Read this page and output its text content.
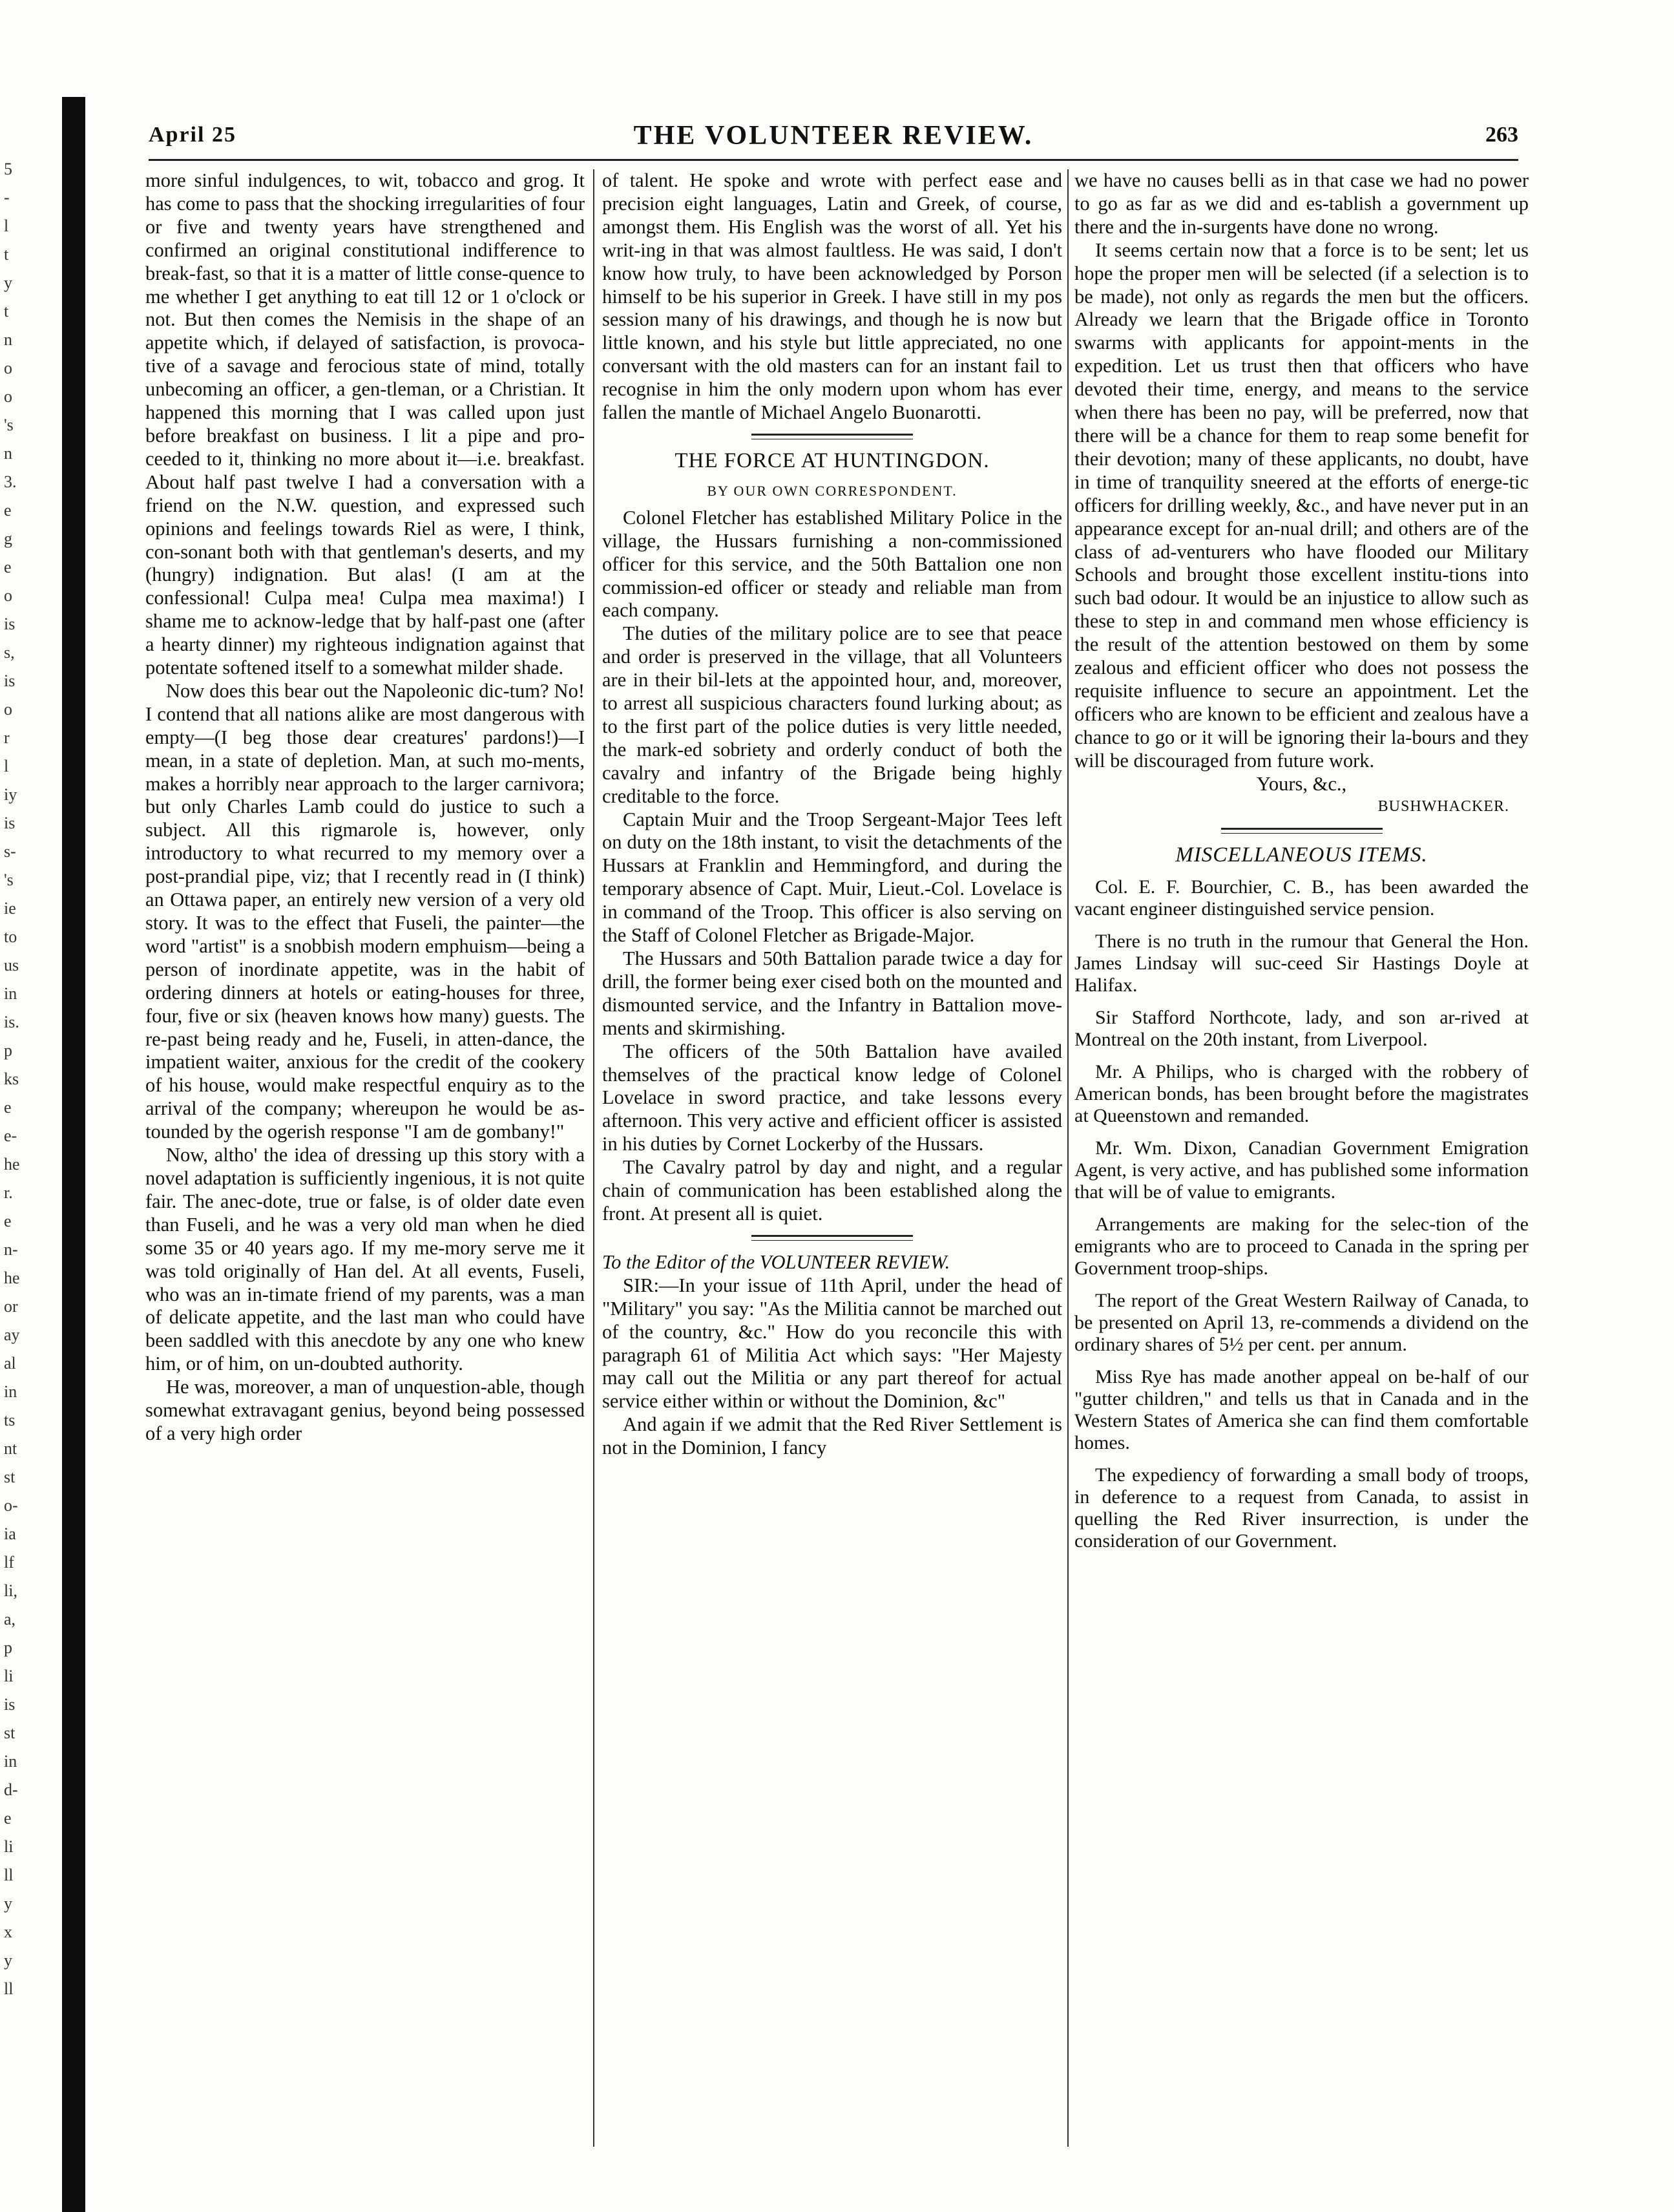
5
-
l
t
y
t
n
o
o
's
n
3.
e
g
e
o
is
s,
is
o
r
l
iy
is
s-
's
ie
to
us
in
is.
p
ks
e
e-
he
r.
e
n-
he
or
ay
al
in
ts
nt
st
o-
ia
lf
li,
a,
p
li
is
st
in
d-
e
li
ll
y
x
y
ll
April 25	THE VOLUNTEER REVIEW.	263

more sinful indulgences, to wit, tobacco and grog. It has come to pass that the shocking irregularities of four or five and twenty years have strengthened and confirmed an original constitutional indifference to break-fast, so that it is a matter of little conse-quence to me whether I get anything to eat till 12 or 1 o'clock or not. But then comes the Nemisis in the shape of an appetite which, if delayed of satisfaction, is provoca-tive of a savage and ferocious state of mind, totally unbecoming an officer, a gen-tleman, or a Christian. It happened this morning that I was called upon just before breakfast on business. I lit a pipe and pro-ceeded to it, thinking no more about it—i.e. breakfast. About half past twelve I had a conversation with a friend on the N.W. question, and expressed such opinions and feelings towards Riel as were, I think, con-sonant both with that gentleman's deserts, and my (hungry) indignation. But alas! (I am at the confessional! Culpa mea! Culpa mea maxima!) I shame me to acknow-ledge that by half-past one (after a hearty dinner) my righteous indignation against that potentate softened itself to a somewhat milder shade.

Now does this bear out the Napoleonic dic-tum? No! I contend that all nations alike are most dangerous with empty—(I beg those dear creatures' pardons!)—I mean, in a state of depletion. Man, at such mo-ments, makes a horribly near approach to the larger carnivora; but only Charles Lamb could do justice to such a subject. All this rigmarole is, however, only introductory to what recurred to my memory over a post-prandial pipe, viz; that I recently read in (I think) an Ottawa paper, an entirely new version of a very old story. It was to the effect that Fuseli, the painter—the word "artist" is a snobbish modern emphuism—being a person of inordinate appetite, was in the habit of ordering dinners at hotels or eating-houses for three, four, five or six (heaven knows how many) guests. The re-past being ready and he, Fuseli, in atten-dance, the impatient waiter, anxious for the credit of the cookery of his house, would make respectful enquiry as to the arrival of the company; whereupon he would be as-tounded by the ogerish response "I am de gombany!"

Now, altho' the idea of dressing up this story with a novel adaptation is sufficiently ingenious, it is not quite fair. The anec-dote, true or false, is of older date even than Fuseli, and he was a very old man when he died some 35 or 40 years ago. If my me-mory serve me it was told originally of Han del. At all events, Fuseli, who was an in-timate friend of my parents, was a man of delicate appetite, and the last man who could have been saddled with this anecdote by any one who knew him, or of him, on un-doubted authority.

He was, moreover, a man of unquestion-able, though somewhat extravagant genius, beyond being possessed of a very high order

of talent. He spoke and wrote with perfect ease and precision eight languages, Latin and Greek, of course, amongst them. His English was the worst of all. Yet his writ-ing in that was almost faultless. He was said, I don't know how truly, to have been acknowledged by Porson himself to be his superior in Greek. I have still in my pos session many of his drawings, and though he is now but little known, and his style but little appreciated, no one conversant with the old masters can for an instant fail to recognise in him the only modern upon whom has ever fallen the mantle of Michael Angelo Buonarotti.

THE FORCE AT HUNTINGDON.
BY OUR OWN CORRESPONDENT.

Colonel Fletcher has established Military Police in the village, the Hussars furnishing a non-commissioned officer for this service, and the 50th Battalion one non commission-ed officer or steady and reliable man from each company.

The duties of the military police are to see that peace and order is preserved in the village, that all Volunteers are in their bil-lets at the appointed hour, and, moreover, to arrest all suspicious characters found lurking about; as to the first part of the police duties is very little needed, the mark-ed sobriety and orderly conduct of both the cavalry and infantry of the Brigade being highly creditable to the force.

Captain Muir and the Troop Sergeant-Major Tees left on duty on the 18th instant, to visit the detachments of the Hussars at Franklin and Hemmingford, and during the temporary absence of Capt. Muir, Lieut.-Col. Lovelace is in command of the Troop. This officer is also serving on the Staff of Colonel Fletcher as Brigade-Major.

The Hussars and 50th Battalion parade twice a day for drill, the former being exer cised both on the mounted and dismounted service, and the Infantry in Battalion move-ments and skirmishing.

The officers of the 50th Battalion have availed themselves of the practical know ledge of Colonel Lovelace in sword practice, and take lessons every afternoon. This very active and efficient officer is assisted in his duties by Cornet Lockerby of the Hussars.

The Cavalry patrol by day and night, and a regular chain of communication has been established along the front. At present all is quiet.

To the Editor of the VOLUNTEER REVIEW.

SIR:—In your issue of 11th April, under the head of "Military" you say: "As the Militia cannot be marched out of the country, &c." How do you reconcile this with paragraph 61 of Militia Act which says: "Her Majesty may call out the Militia or any part thereof for actual service either within or without the Dominion, &c"

And again if we admit that the Red River Settlement is not in the Dominion, I fancy

we have no causes belli as in that case we had no power to go as far as we did and es-tablish a government up there and the in-surgents have done no wrong.

It seems certain now that a force is to be sent; let us hope the proper men will be selected (if a selection is to be made), not only as regards the men but the officers. Already we learn that the Brigade office in Toronto swarms with applicants for appoint-ments in the expedition. Let us trust then that officers who have devoted their time, energy, and means to the service when there has been no pay, will be preferred, now that there will be a chance for them to reap some benefit for their devotion; many of these applicants, no doubt, have in time of tranquility sneered at the efforts of energe-tic officers for drilling weekly, &c., and have never put in an appearance except for an-nual drill; and others are of the class of ad-venturers who have flooded our Military Schools and brought those excellent institu-tions into such bad odour. It would be an injustice to allow such as these to step in and command men whose efficiency is the result of the attention bestowed on them by some zealous and efficient officer who does not possess the requisite influence to secure an appointment. Let the officers who are known to be efficient and zealous have a chance to go or it will be ignoring their la-bours and they will be discouraged from future work.

Yours, &c.,

BUSHWHACKER.

MISCELLANEOUS ITEMS.

Col. E. F. Bourchier, C. B., has been awarded the vacant engineer distinguished service pension.

There is no truth in the rumour that General the Hon. James Lindsay will suc-ceed Sir Hastings Doyle at Halifax.

Sir Stafford Northcote, lady, and son ar-rived at Montreal on the 20th instant, from Liverpool.

Mr. A Philips, who is charged with the robbery of American bonds, has been brought before the magistrates at Queenstown and remanded.

Mr. Wm. Dixon, Canadian Government Emigration Agent, is very active, and has published some information that will be of value to emigrants.

Arrangements are making for the selec-tion of the emigrants who are to proceed to Canada in the spring per Government troop-ships.

The report of the Great Western Railway of Canada, to be presented on April 13, re-commends a dividend on the ordinary shares of 5½ per cent. per annum.

Miss Rye has made another appeal on be-half of our "gutter children," and tells us that in Canada and in the Western States of America she can find them comfortable homes.

The expediency of forwarding a small body of troops, in deference to a request from Canada, to assist in quelling the Red River insurrection, is under the consideration of our Government.
